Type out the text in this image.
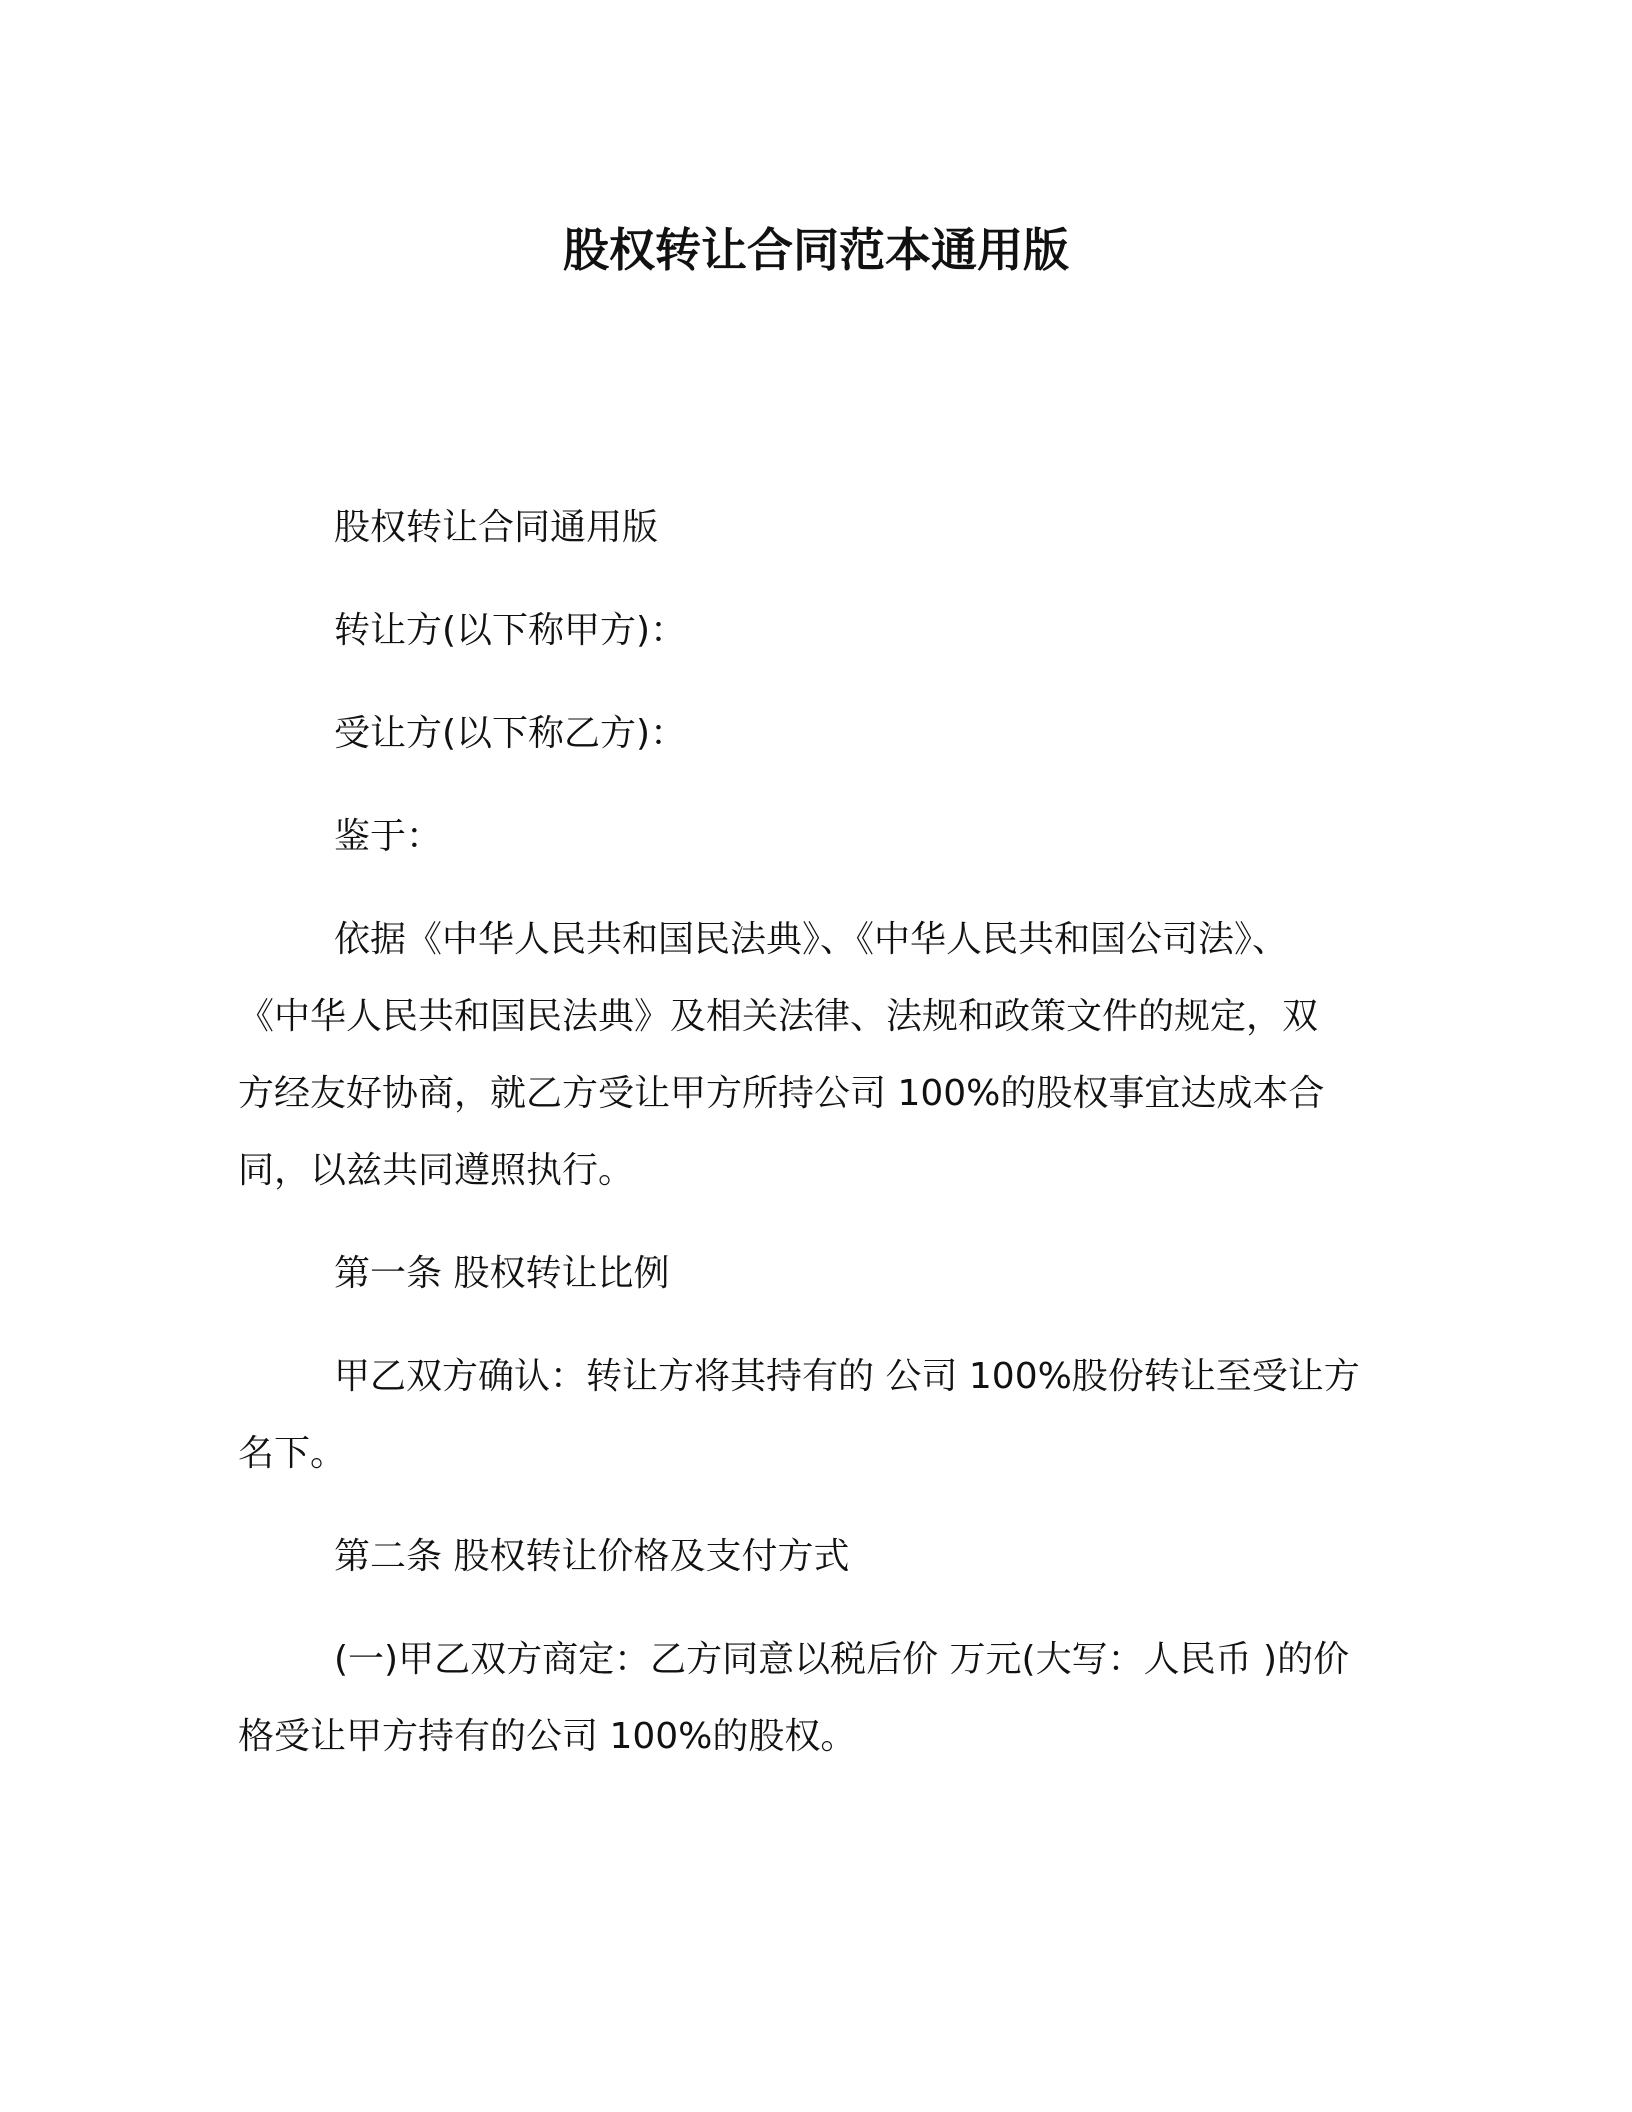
股权转让合同范本通用版

股权转让合同通用版

转让方(以下称甲方)：

受让方(以下称乙方)：

鉴于：

依据《中华人民共和国民法典》、《中华人民共和国公司法》、
《中华人民共和国民法典》及相关法律、法规和政策文件的规定，双
方经友好协商，就乙方受让甲方所持公司 100%的股权事宜达成本合
同，以兹共同遵照执行。

第一条 股权转让比例

甲乙双方确认：转让方将其持有的 公司 100%股份转让至受让方
名下。

第二条 股权转让价格及支付方式

(一)甲乙双方商定：乙方同意以税后价 万元(大写：人民币 )的价
格受让甲方持有的公司 100%的股权。
